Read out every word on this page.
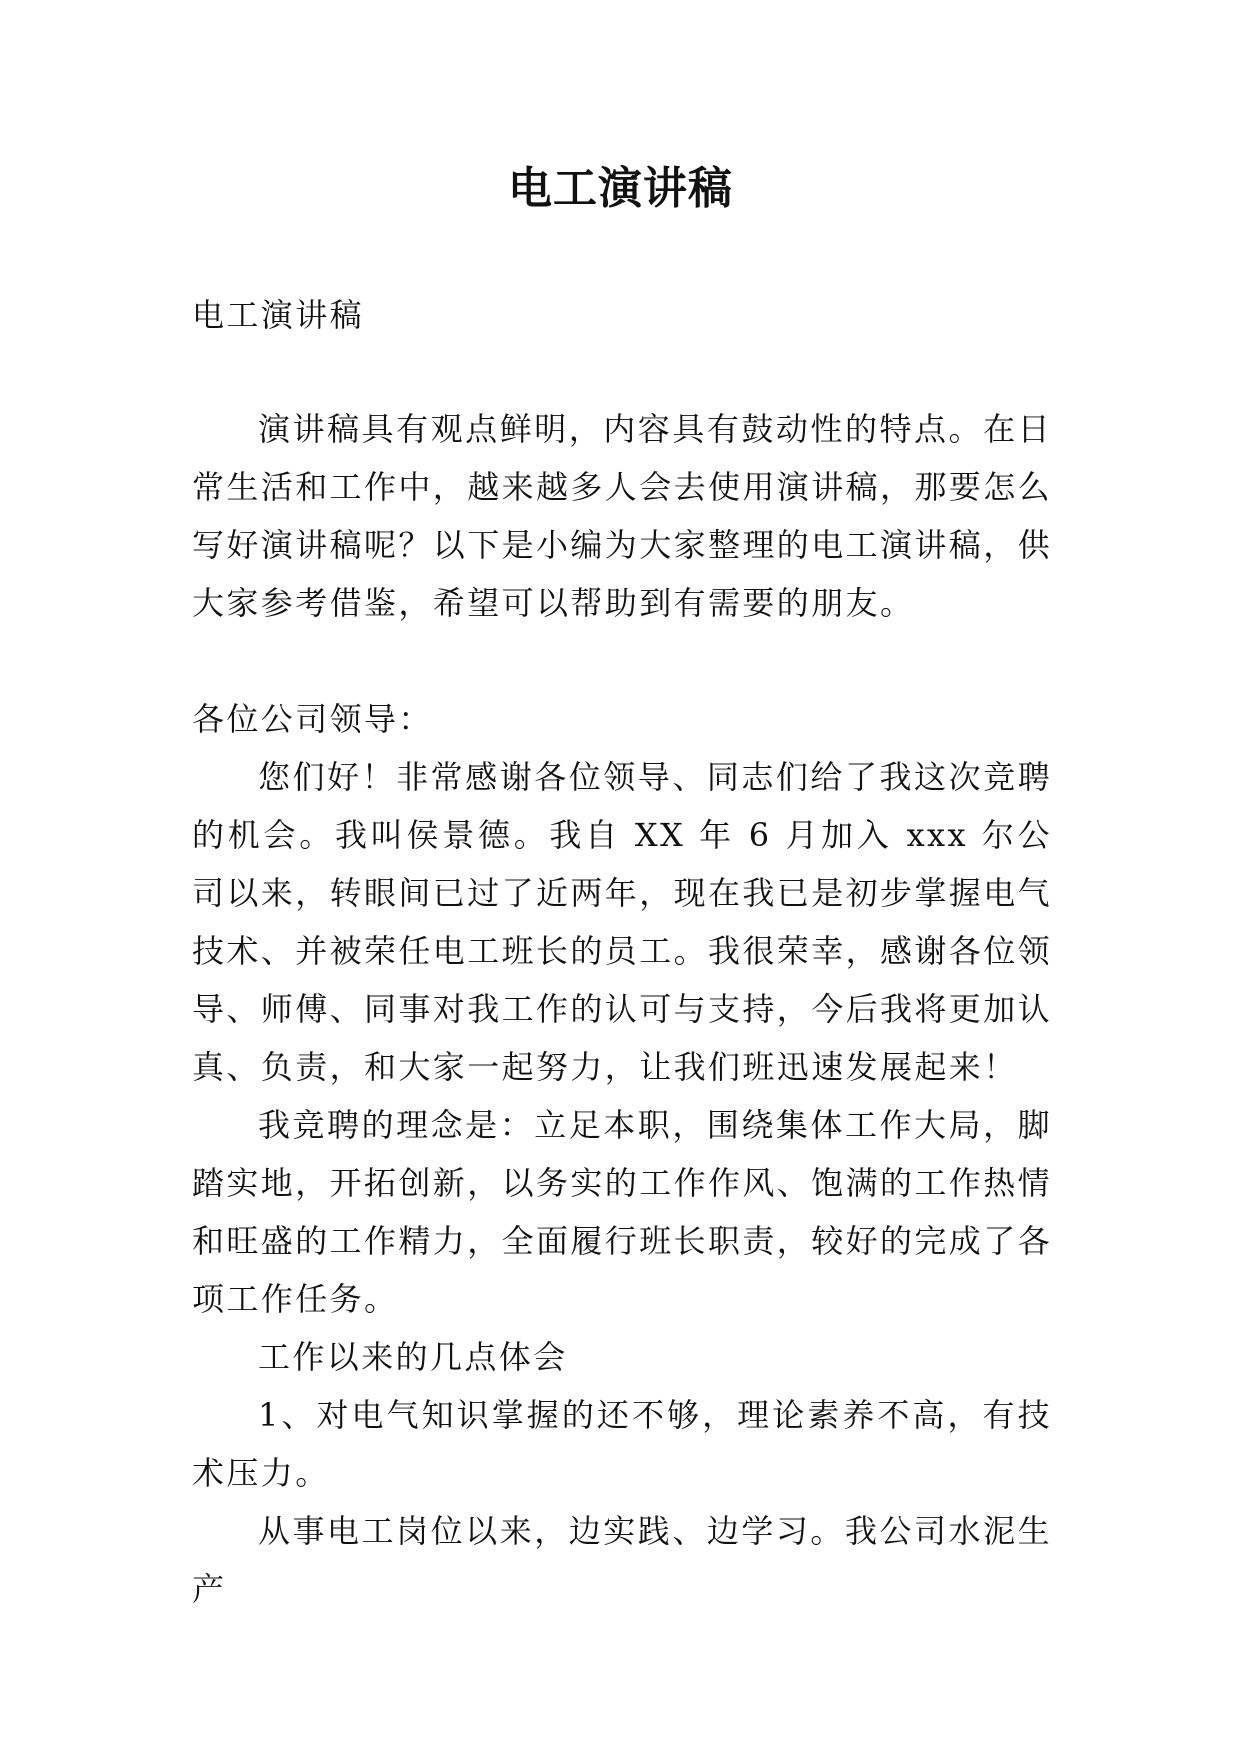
电工演讲稿

电工演讲稿

演讲稿具有观点鲜明，内容具有鼓动性的特点。在日常生活和工作中，越来越多人会去使用演讲稿，那要怎么写好演讲稿呢？以下是小编为大家整理的电工演讲稿，供大家参考借鉴，希望可以帮助到有需要的朋友。

各位公司领导：

您们好！非常感谢各位领导、同志们给了我这次竞聘的机会。我叫侯景德。我自 XX 年 6 月加入 xxx 尔公司以来，转眼间已过了近两年，现在我已是初步掌握电气技术、并被荣任电工班长的员工。我很荣幸，感谢各位领导、师傅、同事对我工作的认可与支持，今后我将更加认真、负责，和大家一起努力，让我们班迅速发展起来！

我竞聘的理念是：立足本职，围绕集体工作大局，脚踏实地，开拓创新，以务实的工作作风、饱满的工作热情和旺盛的工作精力，全面履行班长职责，较好的完成了各项工作任务。

工作以来的几点体会

1、对电气知识掌握的还不够，理论素养不高，有技术压力。

从事电工岗位以来，边实践、边学习。我公司水泥生产
